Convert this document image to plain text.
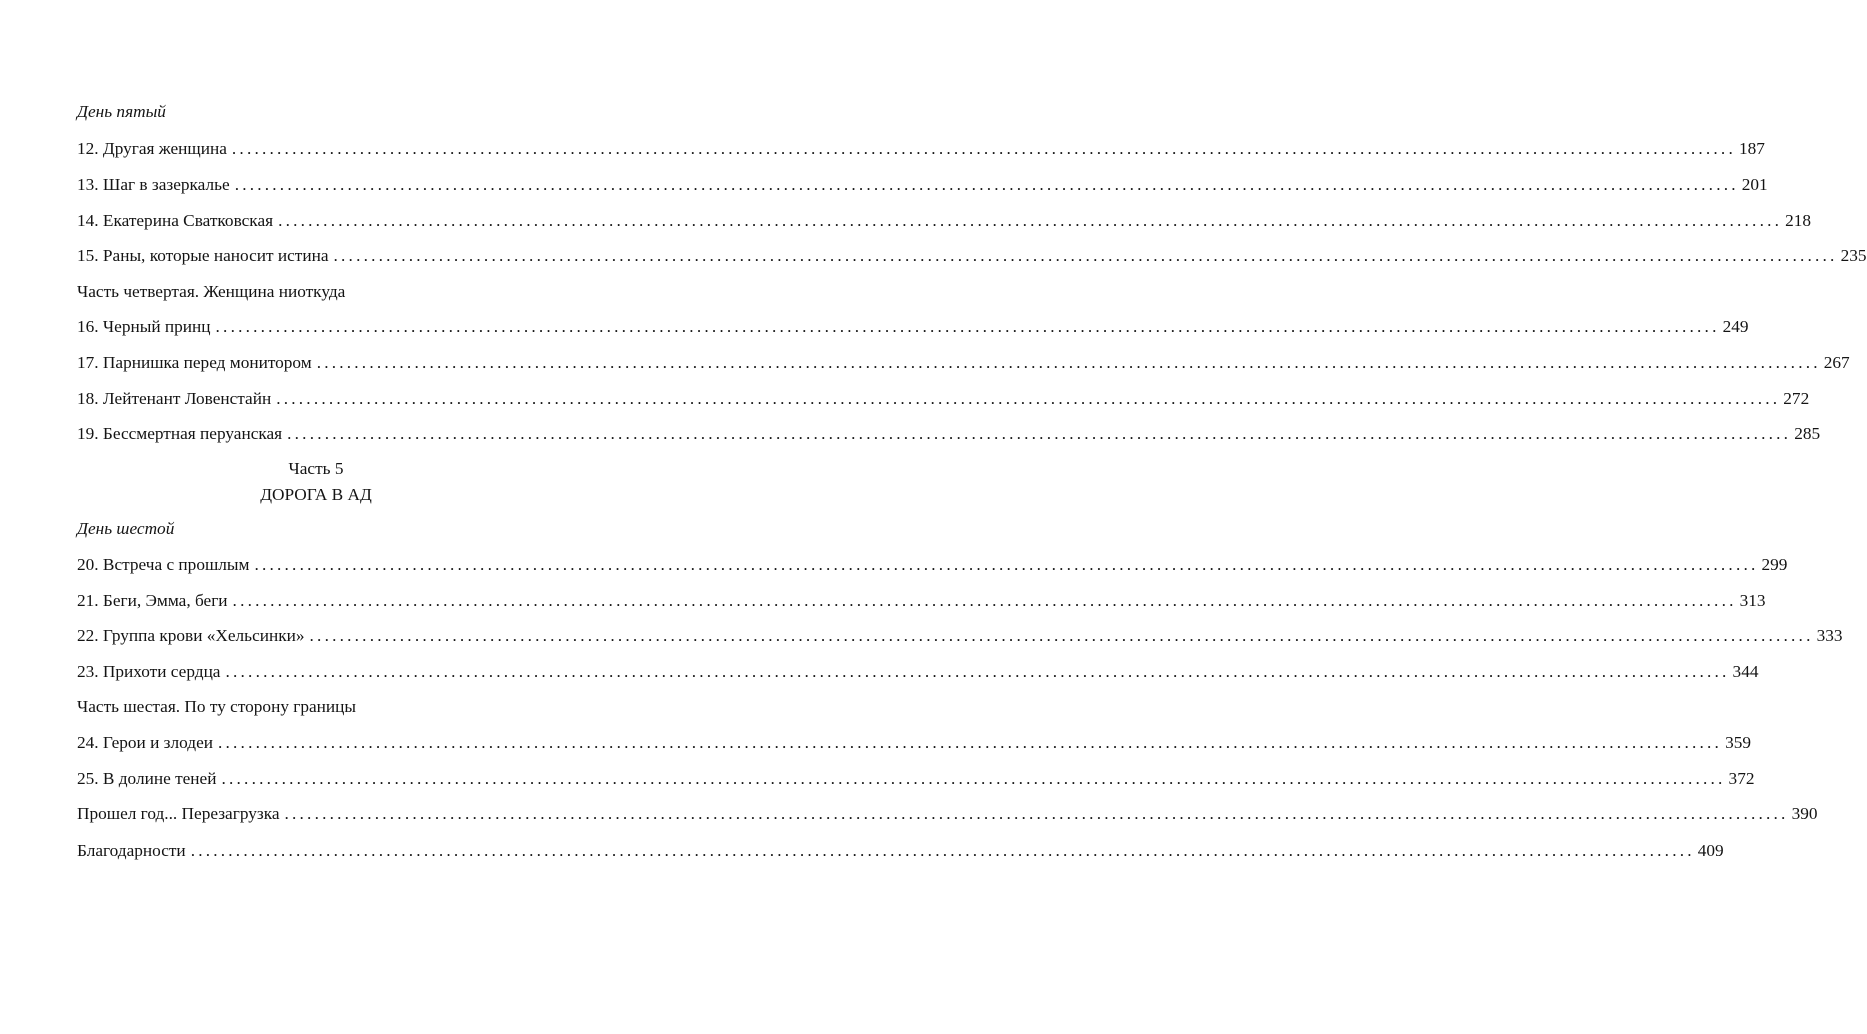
День пятый
12. Другая женщина ........................................................................................................................................................................................................ 187
13. Шаг в зазеркалье ........................................................................................................................................................................................................ 201
14. Екатерина Сватковская ........................................................................................................................................................................................................ 218
15. Раны, которые наносит истина ........................................................................................................................................................................................................ 235
Часть четвертая. Женщина ниоткуда
16. Черный принц ........................................................................................................................................................................................................ 249
17. Парнишка перед монитором ........................................................................................................................................................................................................ 267
18. Лейтенант Ловенстайн ........................................................................................................................................................................................................ 272
19. Бессмертная перуанская ........................................................................................................................................................................................................ 285
Часть 5
ДОРОГА В АД
День шестой
20. Встреча с прошлым ........................................................................................................................................................................................................ 299
21. Беги, Эмма, беги ........................................................................................................................................................................................................ 313
22. Группа крови «Хельсинки» ........................................................................................................................................................................................................ 333
23. Прихоти сердца ........................................................................................................................................................................................................ 344
Часть шестая. По ту сторону границы
24. Герои и злодеи ........................................................................................................................................................................................................ 359
25. В долине теней ........................................................................................................................................................................................................ 372
Прошел год... Перезагрузка ........................................................................................................................................................................................................ 390
Благодарности ........................................................................................................................................................................................................ 409
